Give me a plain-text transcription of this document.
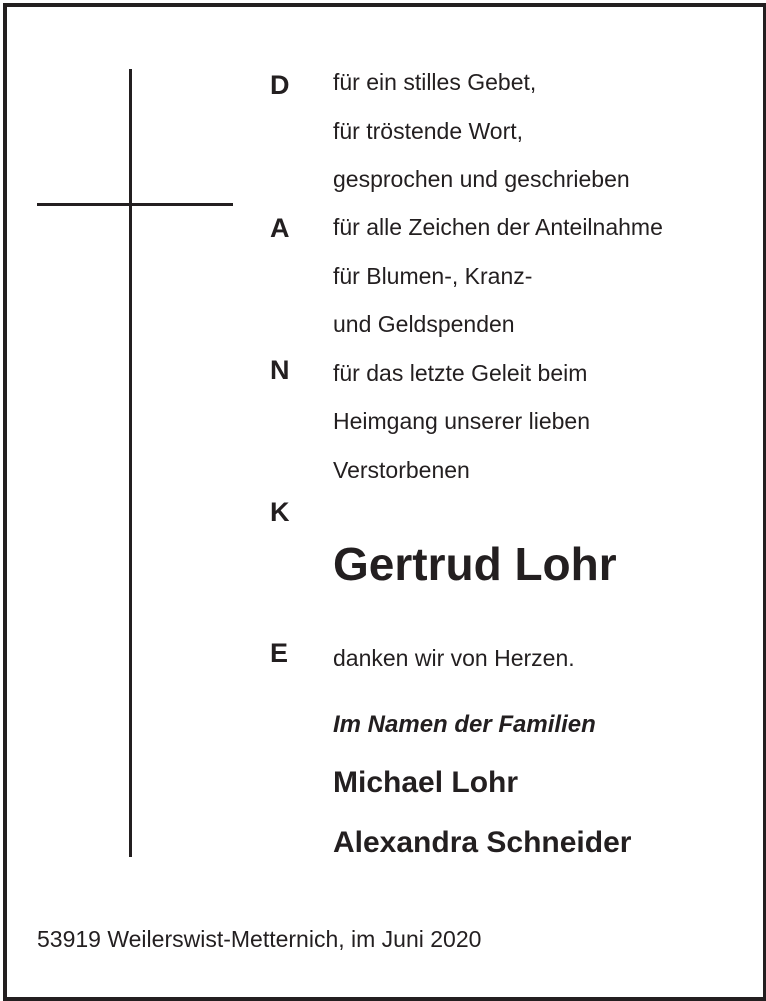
D
A
N
K
E
für ein stilles Gebet,
für tröstende Wort,
gesprochen und geschrieben
für alle Zeichen der Anteilnahme
für Blumen-, Kranz-
und Geldspenden
für das letzte Geleit beim
Heimgang unserer lieben
Verstorbenen
Gertrud Lohr
danken wir von Herzen.
Im Namen der Familien
Michael Lohr
Alexandra Schneider
53919 Weilerswist-Metternich, im Juni 2020
